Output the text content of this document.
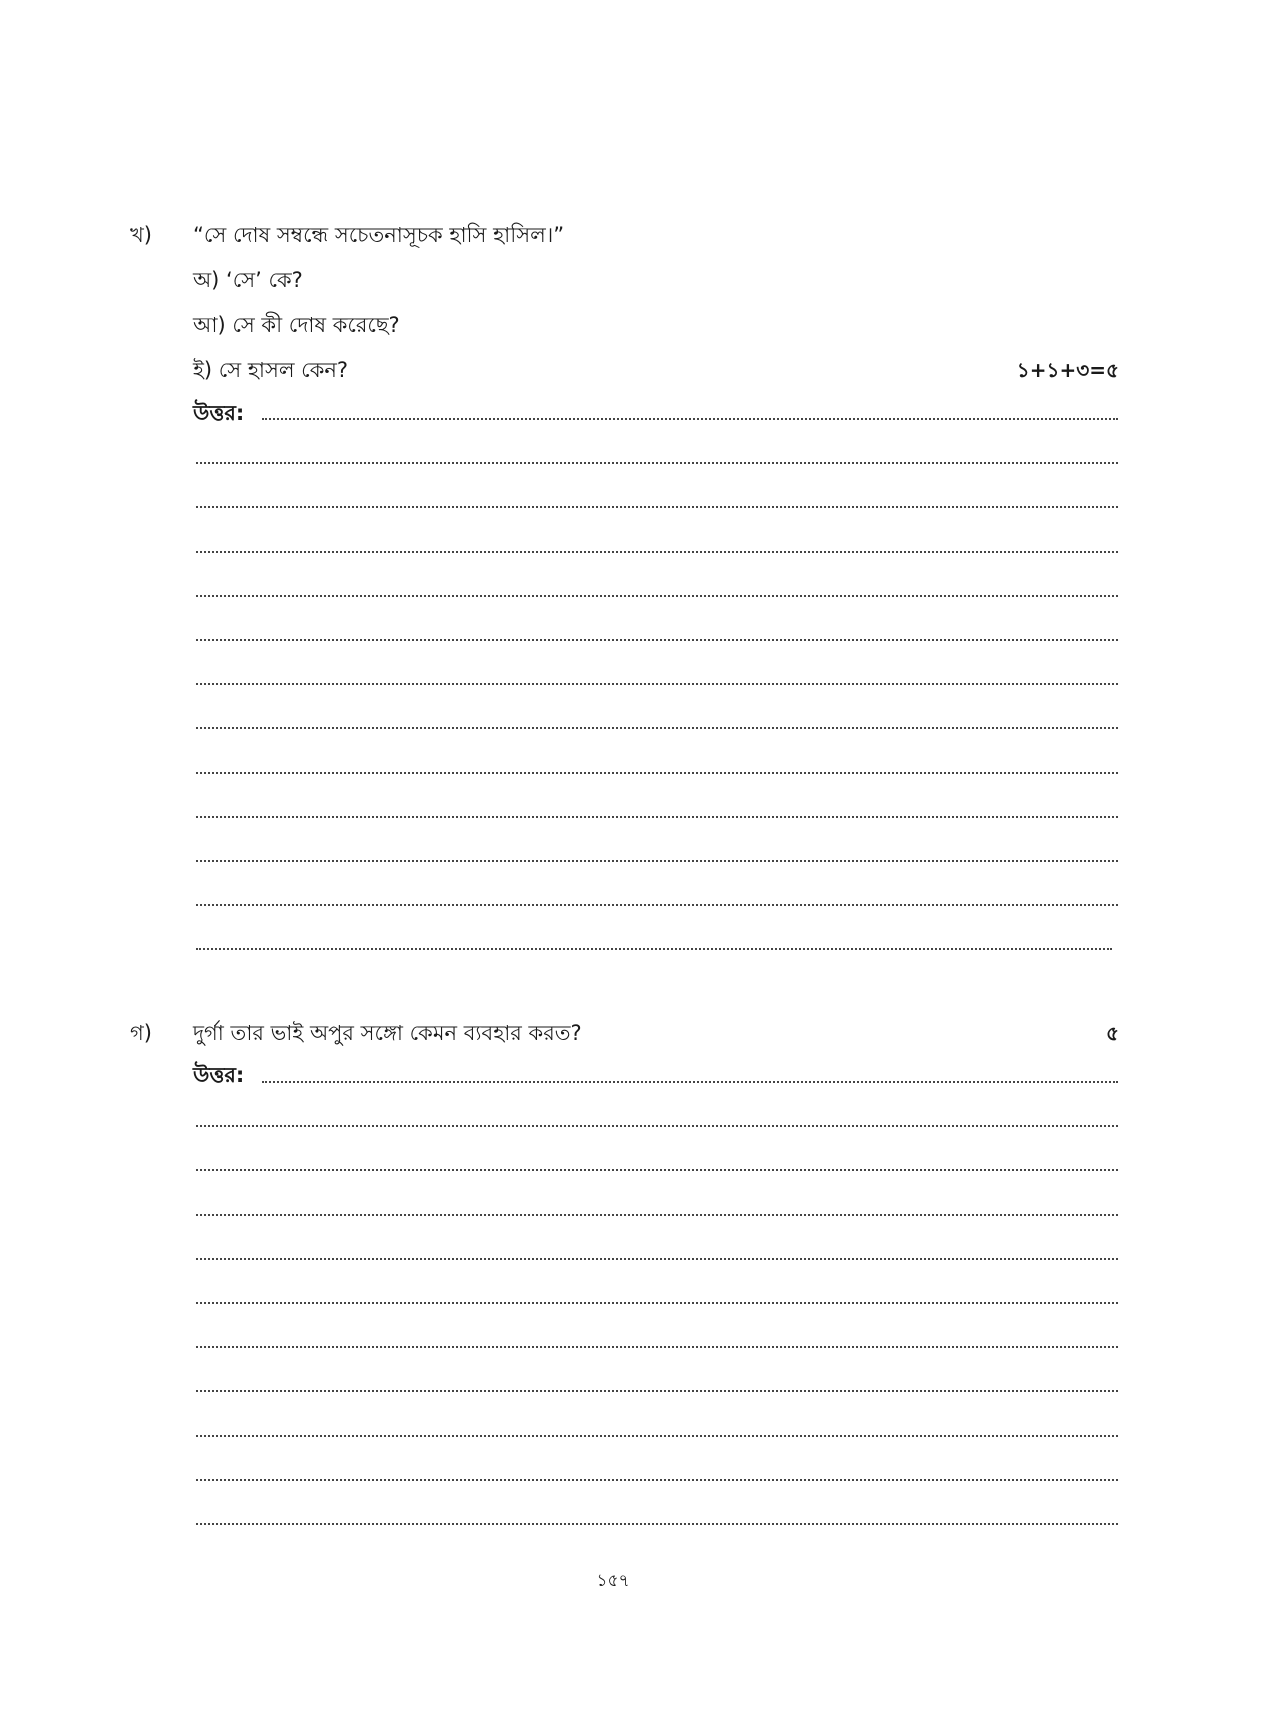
খ) “সে দোষ সম্বন্ধে সচেতনাসূচক হাসি হাসিল।”
অ) ‘সে’ কে?
আ) সে কী দোষ করেছে?
ই) সে হাসল কেন?	১+১+৩=৫
উত্তর:
গ) দুর্গা তার ভাই অপুর সঙ্গো কেমন ব্যবহার করত?	৫
উত্তর:
১৫৭
